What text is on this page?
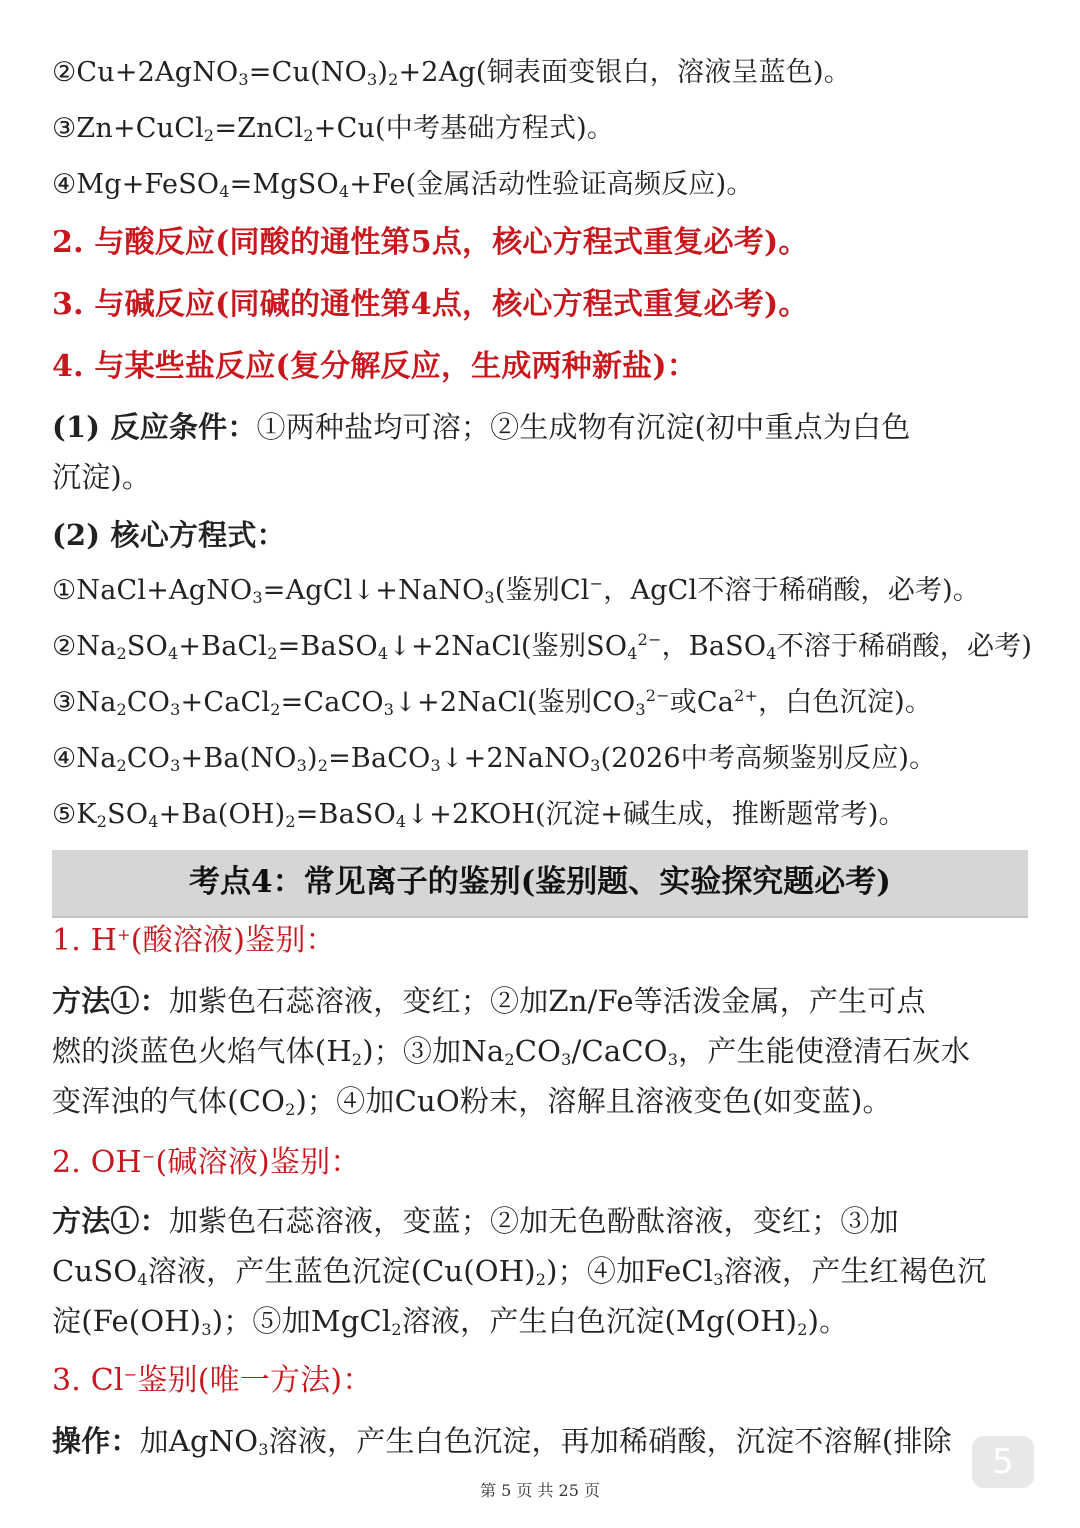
$②Cu+2AgNO_3=Cu(NO_3)_2+2Ag$(铜表面变银白，溶液呈蓝色)。
③Zn+CuCl$_2$=ZnCl$_2$+Cu(中考基础方程式)。
④Mg+FeSO$_4$=MgSO$_4$+Fe(金属活动性验证高频反应)。
2. 与酸反应(同酸的通性第5点，核心方程式重复必考)。
3. 与碱反应(同碱的通性第4点，核心方程式重复必考)。
4. 与某些盐反应(复分解反应，生成两种新盐)：
(1) 反应条件：①两种盐均可溶；②生成物有沉淀(初中重点为白色
沉淀)。
(2) 核心方程式：
①NaCl+AgNO$_3$=AgCl↓+NaNO$_3$(鉴别Cl−，AgCl不溶于稀硝酸，必考)。
$②Na_2SO_4+BaCl_2=BaSO_4↓+2NaCl$(鉴别$SO_4^{2-}$，BaSO$_4$不溶于稀硝酸，必考)
$③Na_2CO_3+CaCl_2=CaCO_3↓+2NaCl$(鉴别$CO_3^{2-}$或$Ca^{2+}$，白色沉淀)。
$④Na_2CO_3+Ba(NO_3)_2=BaCO_3↓+2NaNO_3(2026$中考高频鉴别反应)。
$⑤K_2SO_4+Ba(OH)_2=BaSO_4↓+2KOH$(沉淀+碱生成，推断题常考)。
1. H+(酸溶液)鉴别：
方法①：加紫色石蕊溶液，变红；②加Zn/Fe等活泼金属，产生可点
燃的淡蓝色火焰气体$(H_2)$；③加$Na_2CO_3/CaCO_3$，产生能使澄清石灰水
变浑浊的气体$(CO_2)$；④加CuO粉末，溶解且溶液变色(如变蓝)。
2. OH−(碱溶液)鉴别：
方法①：加紫色石蕊溶液，变蓝；②加无色酚酞溶液，变红；③加
CuSO$_4$溶液，产生蓝色沉淀$(Cu(OH)_2)$；④加FeCl$_3$溶液，产生红褐色沉
淀$(Fe(OH)_3)$；⑤加MgCl$_2$溶液，产生白色沉淀$(Mg(OH)_2)$。
3. Cl−鉴别(唯一方法)：
操作：加AgNO$_3$溶液，产生白色沉淀，再加稀硝酸，沉淀不溶解(排除
考点4：常见离子的鉴别(鉴别题、实验探究题必考)
5
第 5 页 共 25 页
